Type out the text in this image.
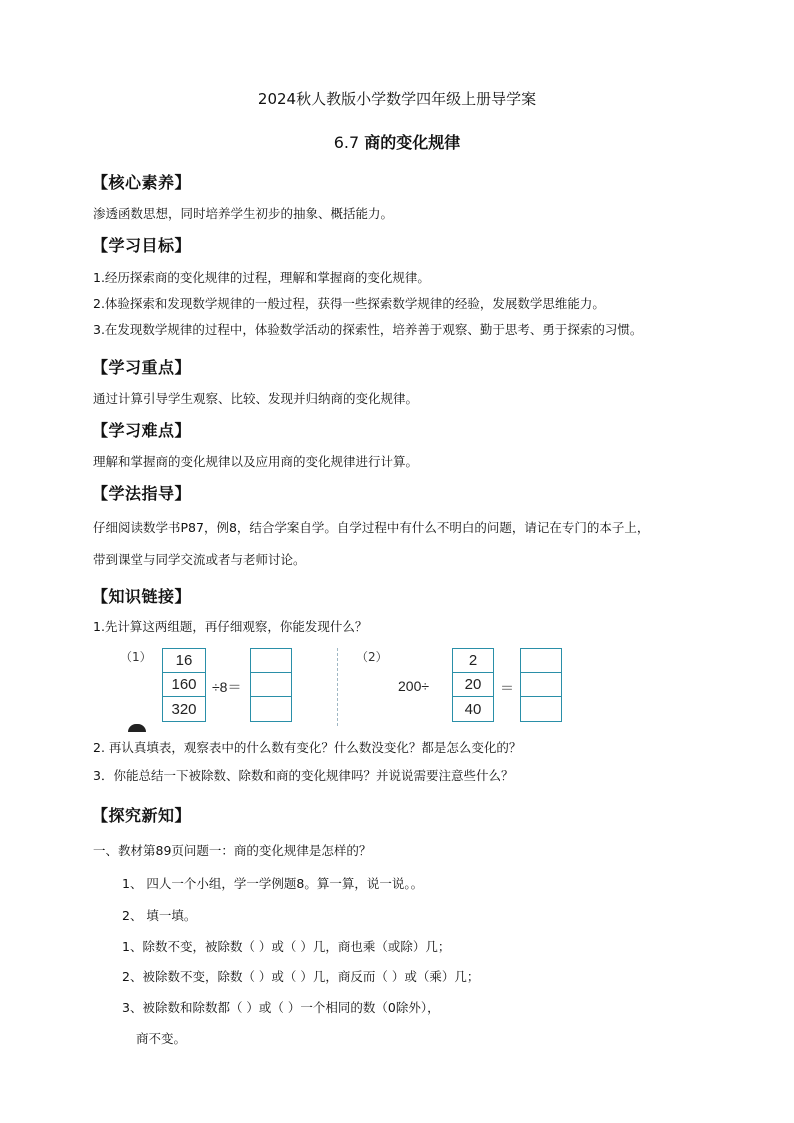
2024秋人教版小学数学四年级上册导学案
6.7 商的变化规律
【核心素养】
渗透函数思想，同时培养学生初步的抽象、概括能力。
【学习目标】
1.经历探索商的变化规律的过程，理解和掌握商的变化规律。
2.体验探索和发现数学规律的一般过程，获得一些探索数学规律的经验，发展数学思维能力。
3.在发现数学规律的过程中，体验数学活动的探索性，培养善于观察、勤于思考、勇于探索的习惯。
【学习重点】
通过计算引导学生观察、比较、发现并归纳商的变化规律。
【学习难点】
理解和掌握商的变化规律以及应用商的变化规律进行计算。
【学法指导】
仔细阅读数学书P87，例8，结合学案自学。自学过程中有什么不明白的问题，请记在专门的本子上，
带到课堂与同学交流或者与老师讨论。
【知识链接】
1.先计算这两组题，再仔细观察，你能发现什么？
（1）	16
160
320
÷8＝
（2）
200÷
2
20
40
＝
2. 再认真填表，观察表中的什么数有变化？什么数没变化？都是怎么变化的？
3．你能总结一下被除数、除数和商的变化规律吗？并说说需要注意些什么？
【探究新知】
一、教材第89页问题一：商的变化规律是怎样的？
1、 四人一个小组，学一学例题8。算一算，说一说。。
2、 填一填。
1、除数不变，被除数（ ）或（ ）几，商也乘（或除）几；
2、被除数不变，除数（ ）或（ ）几，商反而（ ）或（乘）几；
3、被除数和除数都（ ）或（ ）一个相同的数（0除外），
商不变。
